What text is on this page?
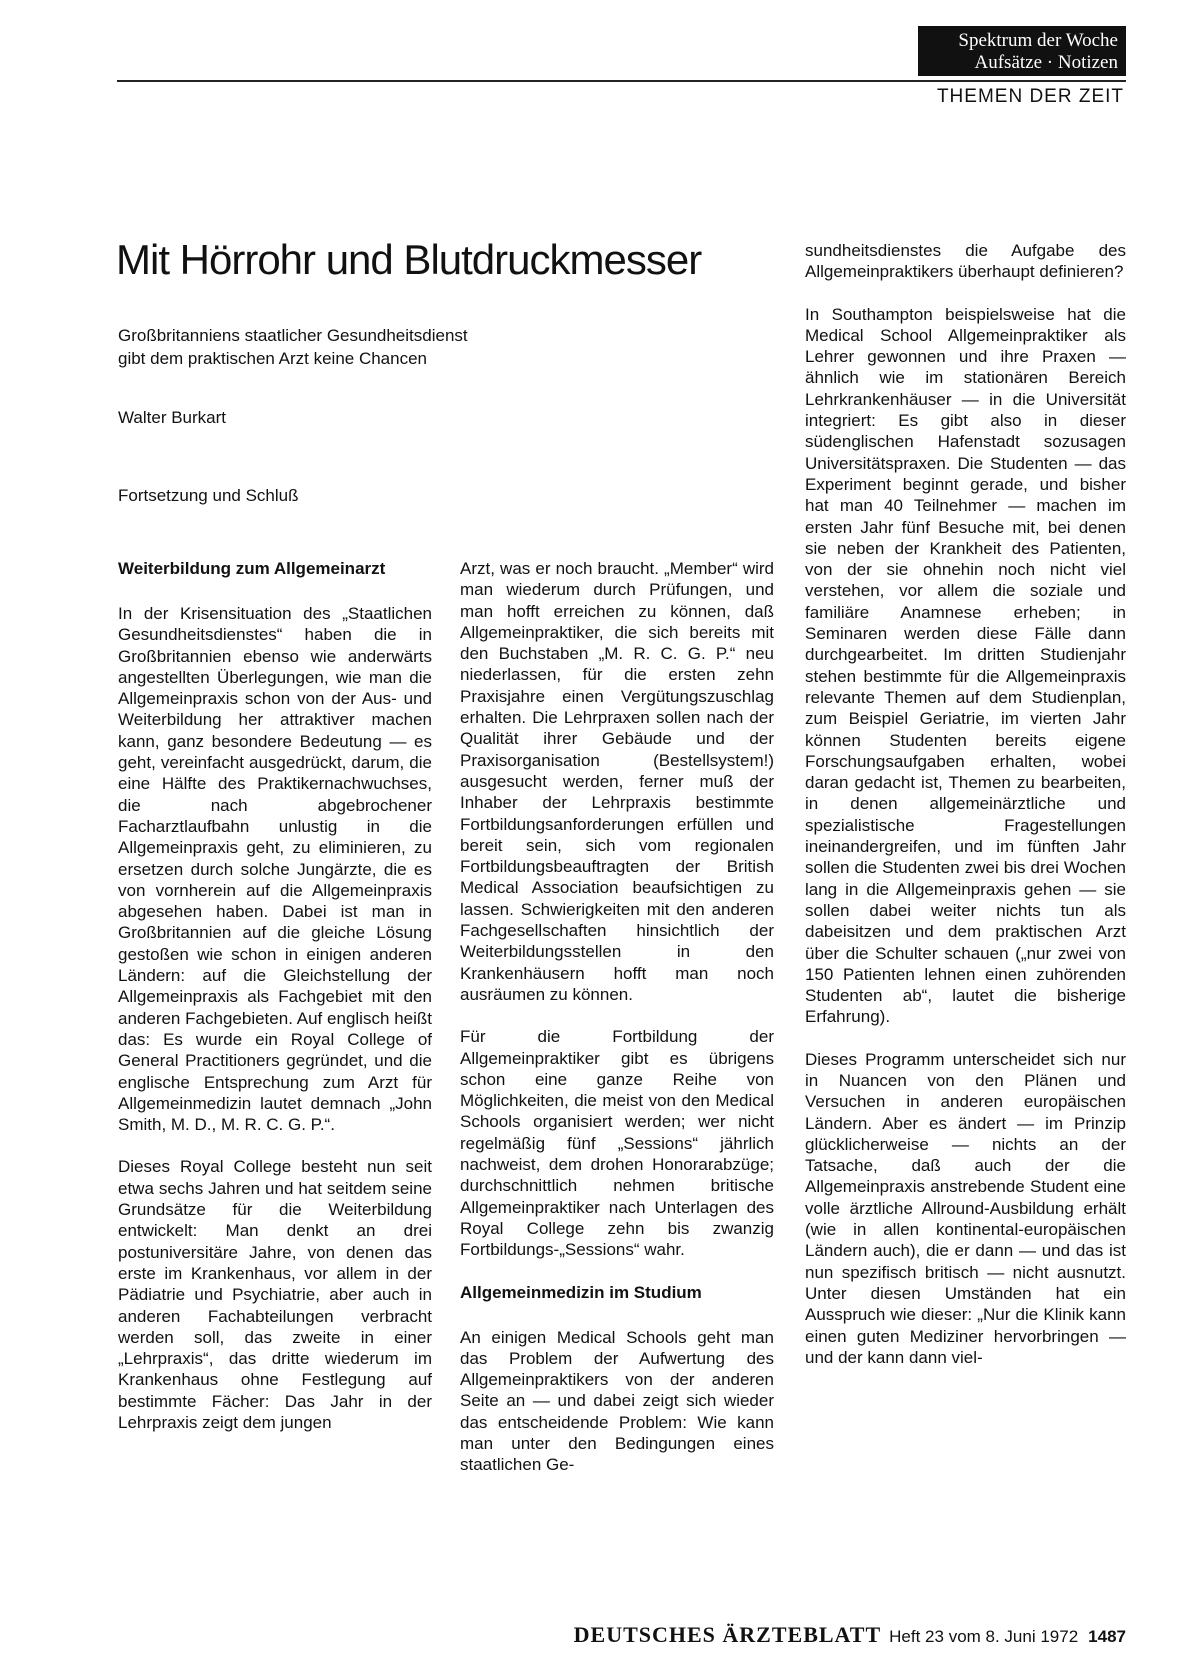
Spektrum der Woche
Aufsätze · Notizen
THEMEN DER ZEIT
Mit Hörrohr und Blutdruckmesser
Großbritanniens staatlicher Gesundheitsdienst
gibt dem praktischen Arzt keine Chancen
Walter Burkart
Fortsetzung und Schluß
Weiterbildung zum Allgemeinarzt

In der Krisensituation des „Staatlichen Gesundheitsdienstes“ haben die in Großbritannien ebenso wie anderwärts angestellten Überlegungen, wie man die Allgemeinpraxis schon von der Aus- und Weiterbildung her attraktiver machen kann, ganz besondere Bedeutung — es geht, vereinfacht ausgedrückt, darum, die eine Hälfte des Praktikernachwuchses, die nach abgebrochener Facharztlaufbahn unlustig in die Allgemeinpraxis geht, zu eliminieren, zu ersetzen durch solche Jungärzte, die es von vornherein auf die Allgemeinpraxis abgesehen haben. Dabei ist man in Großbritannien auf die gleiche Lösung gestoßen wie schon in einigen anderen Ländern: auf die Gleichstellung der Allgemeinpraxis als Fachgebiet mit den anderen Fachgebieten. Auf englisch heißt das: Es wurde ein Royal College of General Practitioners gegründet, und die englische Entsprechung zum Arzt für Allgemeinmedizin lautet demnach „John Smith, M. D., M. R. C. G. P.“.

Dieses Royal College besteht nun seit etwa sechs Jahren und hat seitdem seine Grundsätze für die Weiterbildung entwickelt: Man denkt an drei postuniversitäre Jahre, von denen das erste im Krankenhaus, vor allem in der Pädiatrie und Psychiatrie, aber auch in anderen Fachabteilungen verbracht werden soll, das zweite in einer „Lehrpraxis“, das dritte wiederum im Krankenhaus ohne Festlegung auf bestimmte Fächer: Das Jahr in der Lehrpraxis zeigt dem jungen

Arzt, was er noch braucht. „Member“ wird man wiederum durch Prüfungen, und man hofft erreichen zu können, daß Allgemeinpraktiker, die sich bereits mit den Buchstaben „M. R. C. G. P.“ neu niederlassen, für die ersten zehn Praxisjahre einen Vergütungszuschlag erhalten. Die Lehrpraxen sollen nach der Qualität ihrer Gebäude und der Praxisorganisation (Bestellsystem!) ausgesucht werden, ferner muß der Inhaber der Lehrpraxis bestimmte Fortbildungsanforderungen erfüllen und bereit sein, sich vom regionalen Fortbildungsbeauftragten der British Medical Association beaufsichtigen zu lassen. Schwierigkeiten mit den anderen Fachgesellschaften hinsichtlich der Weiterbildungsstellen in den Krankenhäusern hofft man noch ausräumen zu können.

Für die Fortbildung der Allgemeinpraktiker gibt es übrigens schon eine ganze Reihe von Möglichkeiten, die meist von den Medical Schools organisiert werden; wer nicht regelmäßig fünf „Sessions“ jährlich nachweist, dem drohen Honorarabzüge; durchschnittlich nehmen britische Allgemeinpraktiker nach Unterlagen des Royal College zehn bis zwanzig Fortbildungs-„Sessions“ wahr.

Allgemeinmedizin im Studium

An einigen Medical Schools geht man das Problem der Aufwertung des Allgemeinpraktikers von der anderen Seite an — und dabei zeigt sich wieder das entscheidende Problem: Wie kann man unter den Bedingungen eines staatlichen Ge-

sundheitsdienstes die Aufgabe des Allgemeinpraktikers überhaupt definieren?

In Southampton beispielsweise hat die Medical School Allgemeinpraktiker als Lehrer gewonnen und ihre Praxen — ähnlich wie im stationären Bereich Lehrkrankenhäuser — in die Universität integriert: Es gibt also in dieser südenglischen Hafenstadt sozusagen Universitätspraxen. Die Studenten — das Experiment beginnt gerade, und bisher hat man 40 Teilnehmer — machen im ersten Jahr fünf Besuche mit, bei denen sie neben der Krankheit des Patienten, von der sie ohnehin noch nicht viel verstehen, vor allem die soziale und familiäre Anamnese erheben; in Seminaren werden diese Fälle dann durchgearbeitet. Im dritten Studienjahr stehen bestimmte für die Allgemeinpraxis relevante Themen auf dem Studienplan, zum Beispiel Geriatrie, im vierten Jahr können Studenten bereits eigene Forschungsaufgaben erhalten, wobei daran gedacht ist, Themen zu bearbeiten, in denen allgemeinärztliche und spezialistische Fragestellungen ineinandergreifen, und im fünften Jahr sollen die Studenten zwei bis drei Wochen lang in die Allgemeinpraxis gehen — sie sollen dabei weiter nichts tun als dabeisitzen und dem praktischen Arzt über die Schulter schauen („nur zwei von 150 Patienten lehnen einen zuhörenden Studenten ab“, lautet die bisherige Erfahrung).

Dieses Programm unterscheidet sich nur in Nuancen von den Plänen und Versuchen in anderen europäischen Ländern. Aber es ändert — im Prinzip glücklicherweise — nichts an der Tatsache, daß auch der die Allgemeinpraxis anstrebende Student eine volle ärztliche Allround-Ausbildung erhält (wie in allen kontinental-europäischen Ländern auch), die er dann — und das ist nun spezifisch britisch — nicht ausnutzt. Unter diesen Umständen hat ein Ausspruch wie dieser: „Nur die Klinik kann einen guten Mediziner hervorbringen — und der kann dann viel-

DEUTSCHES ÄRZTEBLATT Heft 23 vom 8. Juni 1972 1487
